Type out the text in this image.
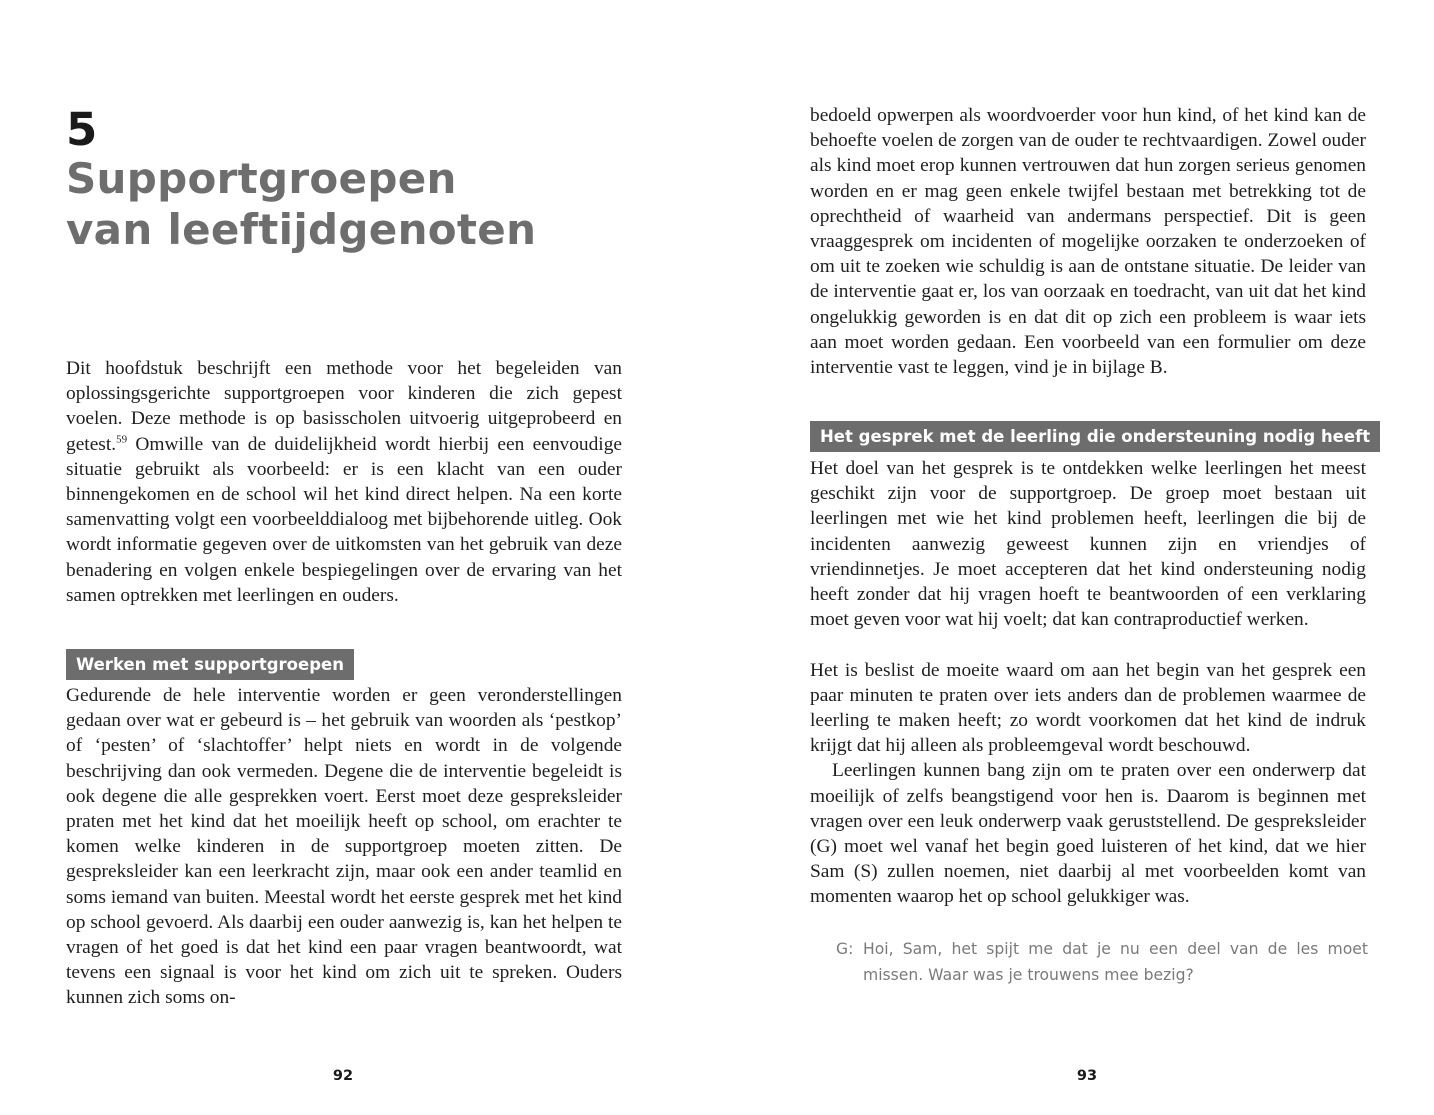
5
Supportgroepen
van leeftijdgenoten

Dit hoofdstuk beschrijft een methode voor het begeleiden van oplossingsgerichte supportgroepen voor kinderen die zich gepest voelen. Deze methode is op basisscholen uitvoerig uitgeprobeerd en getest.$^{59}$ Omwille van de duidelijkheid wordt hierbij een eenvoudige situatie gebruikt als voorbeeld: er is een klacht van een ouder binnengekomen en de school wil het kind direct helpen. Na een korte samenvatting volgt een voorbeelddialoog met bijbehorende uitleg. Ook wordt informatie gegeven over de uitkomsten van het gebruik van deze benadering en volgen enkele bespiegelingen over de ervaring van het samen optrekken met leerlingen en ouders.

Werken met supportgroepen

Gedurende de hele interventie worden er geen veronderstellingen gedaan over wat er gebeurd is – het gebruik van woorden als ‘pestkop’ of ‘pesten’ of ‘slachtoffer’ helpt niets en wordt in de volgende beschrijving dan ook vermeden. Degene die de interventie begeleidt is ook degene die alle gesprekken voert. Eerst moet deze gespreksleider praten met het kind dat het moeilijk heeft op school, om erachter te komen welke kinderen in de supportgroep moeten zitten. De gespreksleider kan een leerkracht zijn, maar ook een ander teamlid en soms iemand van buiten. Meestal wordt het eerste gesprek met het kind op school gevoerd. Als daarbij een ouder aanwezig is, kan het helpen te vragen of het goed is dat het kind een paar vragen beantwoordt, wat tevens een signaal is voor het kind om zich uit te spreken. Ouders kunnen zich soms on-

92

bedoeld opwerpen als woordvoerder voor hun kind, of het kind kan de behoefte voelen de zorgen van de ouder te rechtvaardigen. Zowel ouder als kind moet erop kunnen vertrouwen dat hun zorgen serieus genomen worden en er mag geen enkele twijfel bestaan met betrekking tot de oprechtheid of waarheid van andermans perspectief. Dit is geen vraaggesprek om incidenten of mogelijke oorzaken te onderzoeken of om uit te zoeken wie schuldig is aan de ontstane situatie. De leider van de interventie gaat er, los van oorzaak en toedracht, van uit dat het kind ongelukkig geworden is en dat dit op zich een probleem is waar iets aan moet worden gedaan. Een voorbeeld van een formulier om deze interventie vast te leggen, vind je in bijlage B.

Het gesprek met de leerling die ondersteuning nodig heeft

Het doel van het gesprek is te ontdekken welke leerlingen het meest geschikt zijn voor de supportgroep. De groep moet bestaan uit leerlingen met wie het kind problemen heeft, leerlingen die bij de incidenten aanwezig geweest kunnen zijn en vriendjes of vriendinnetjes. Je moet accepteren dat het kind ondersteuning nodig heeft zonder dat hij vragen hoeft te beantwoorden of een verklaring moet geven voor wat hij voelt; dat kan contraproductief werken.

Het is beslist de moeite waard om aan het begin van het gesprek een paar minuten te praten over iets anders dan de problemen waarmee de leerling te maken heeft; zo wordt voorkomen dat het kind de indruk krijgt dat hij alleen als probleemgeval wordt beschouwd.

Leerlingen kunnen bang zijn om te praten over een onderwerp dat moeilijk of zelfs beangstigend voor hen is. Daarom is beginnen met vragen over een leuk onderwerp vaak geruststellend. De gespreksleider (G) moet wel vanaf het begin goed luisteren of het kind, dat we hier Sam (S) zullen noemen, niet daarbij al met voorbeelden komt van momenten waarop het op school gelukkiger was.

G: Hoi, Sam, het spijt me dat je nu een deel van de les moet missen. Waar was je trouwens mee bezig?
93
